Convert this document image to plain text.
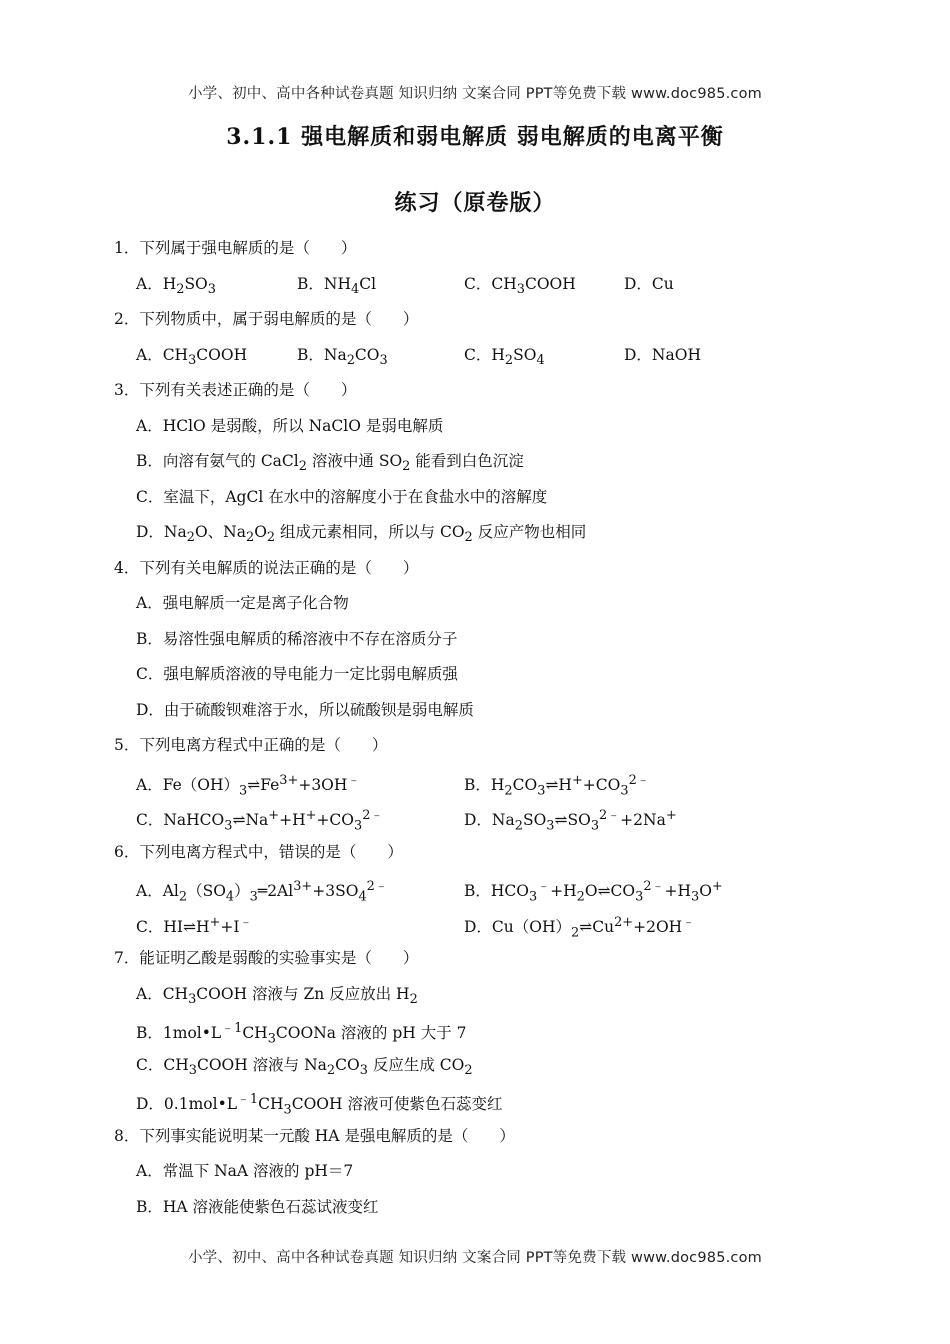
小学、初中、高中各种试卷真题 知识归纳 文案合同 PPT等免费下载 www.doc985.com
3.1.1 强电解质和弱电解质 弱电解质的电离平衡
练习（原卷版）
1．下列属于强电解质的是（　　）
A．$H_2SO_3$	B．$NH_4Cl$	C．$CH_3COOH$	D．Cu
2．下列物质中，属于弱电解质的是（　　）
A．$CH_3COOH$	B．$Na_2CO_3$	C．$H_2SO_4$	D．NaOH
3．下列有关表述正确的是（　　）
A．HClO 是弱酸，所以 NaClO 是弱电解质
B．向溶有氨气的 CaCl$_2$ 溶液中通 $SO_2$ 能看到白色沉淀
C．室温下，AgCl 在水中的溶解度小于在食盐水中的溶解度
D．$Na_2O$、$Na_2O_2$ 组成元素相同，所以与 $CO_2$ 反应产物也相同
4．下列有关电解质的说法正确的是（　　）
A．强电解质一定是离子化合物
B．易溶性强电解质的稀溶液中不存在溶质分子
C．强电解质溶液的导电能力一定比弱电解质强
D．由于硫酸钡难溶于水，所以硫酸钡是弱电解质
5．下列电离方程式中正确的是（　　）
A．$Fe(OH)_3\rightleftharpoons Fe^{3+}+3OH^﹣$	B．$H_2CO_3\rightleftharpoons H^++CO_3^{2﹣}$
C．$NaHCO_3\rightleftharpoons Na^++H^++CO_3^{2﹣}$	D．$Na_2SO_3\rightleftharpoons SO_3^{2﹣}+2Na^+$
6．下列电离方程式中，错误的是（　　）
A．$Al_2(SO_4)_3═2Al^{3+}+3SO_4^{2﹣}$	B．$HCO_3^﹣+H_2O\rightleftharpoons CO_3^{2﹣}+H_3O^+$
C．HI⇌H++I﹣	D．$Cu(OH)_2\rightleftharpoons Cu^{2+}+2OH^﹣$
7．能证明乙酸是弱酸的实验事实是（　　）
A．$CH_3COOH$ 溶液与 Zn 反应放出 $H_2$
B．$1mol•L^{﹣1}CH_3COONa$ 溶液的 pH 大于 7
C．$CH_3COOH$ 溶液与 $Na_2CO_3$ 反应生成 $CO_2$
D．$0.1mol•L^{﹣1}CH_3COOH$ 溶液可使紫色石蕊变红
8．下列事实能说明某一元酸 HA 是强电解质的是（　　）
A．常温下 NaA 溶液的 pH＝7
B．HA 溶液能使紫色石蕊试液变红
小学、初中、高中各种试卷真题 知识归纳 文案合同 PPT等免费下载 www.doc985.com
